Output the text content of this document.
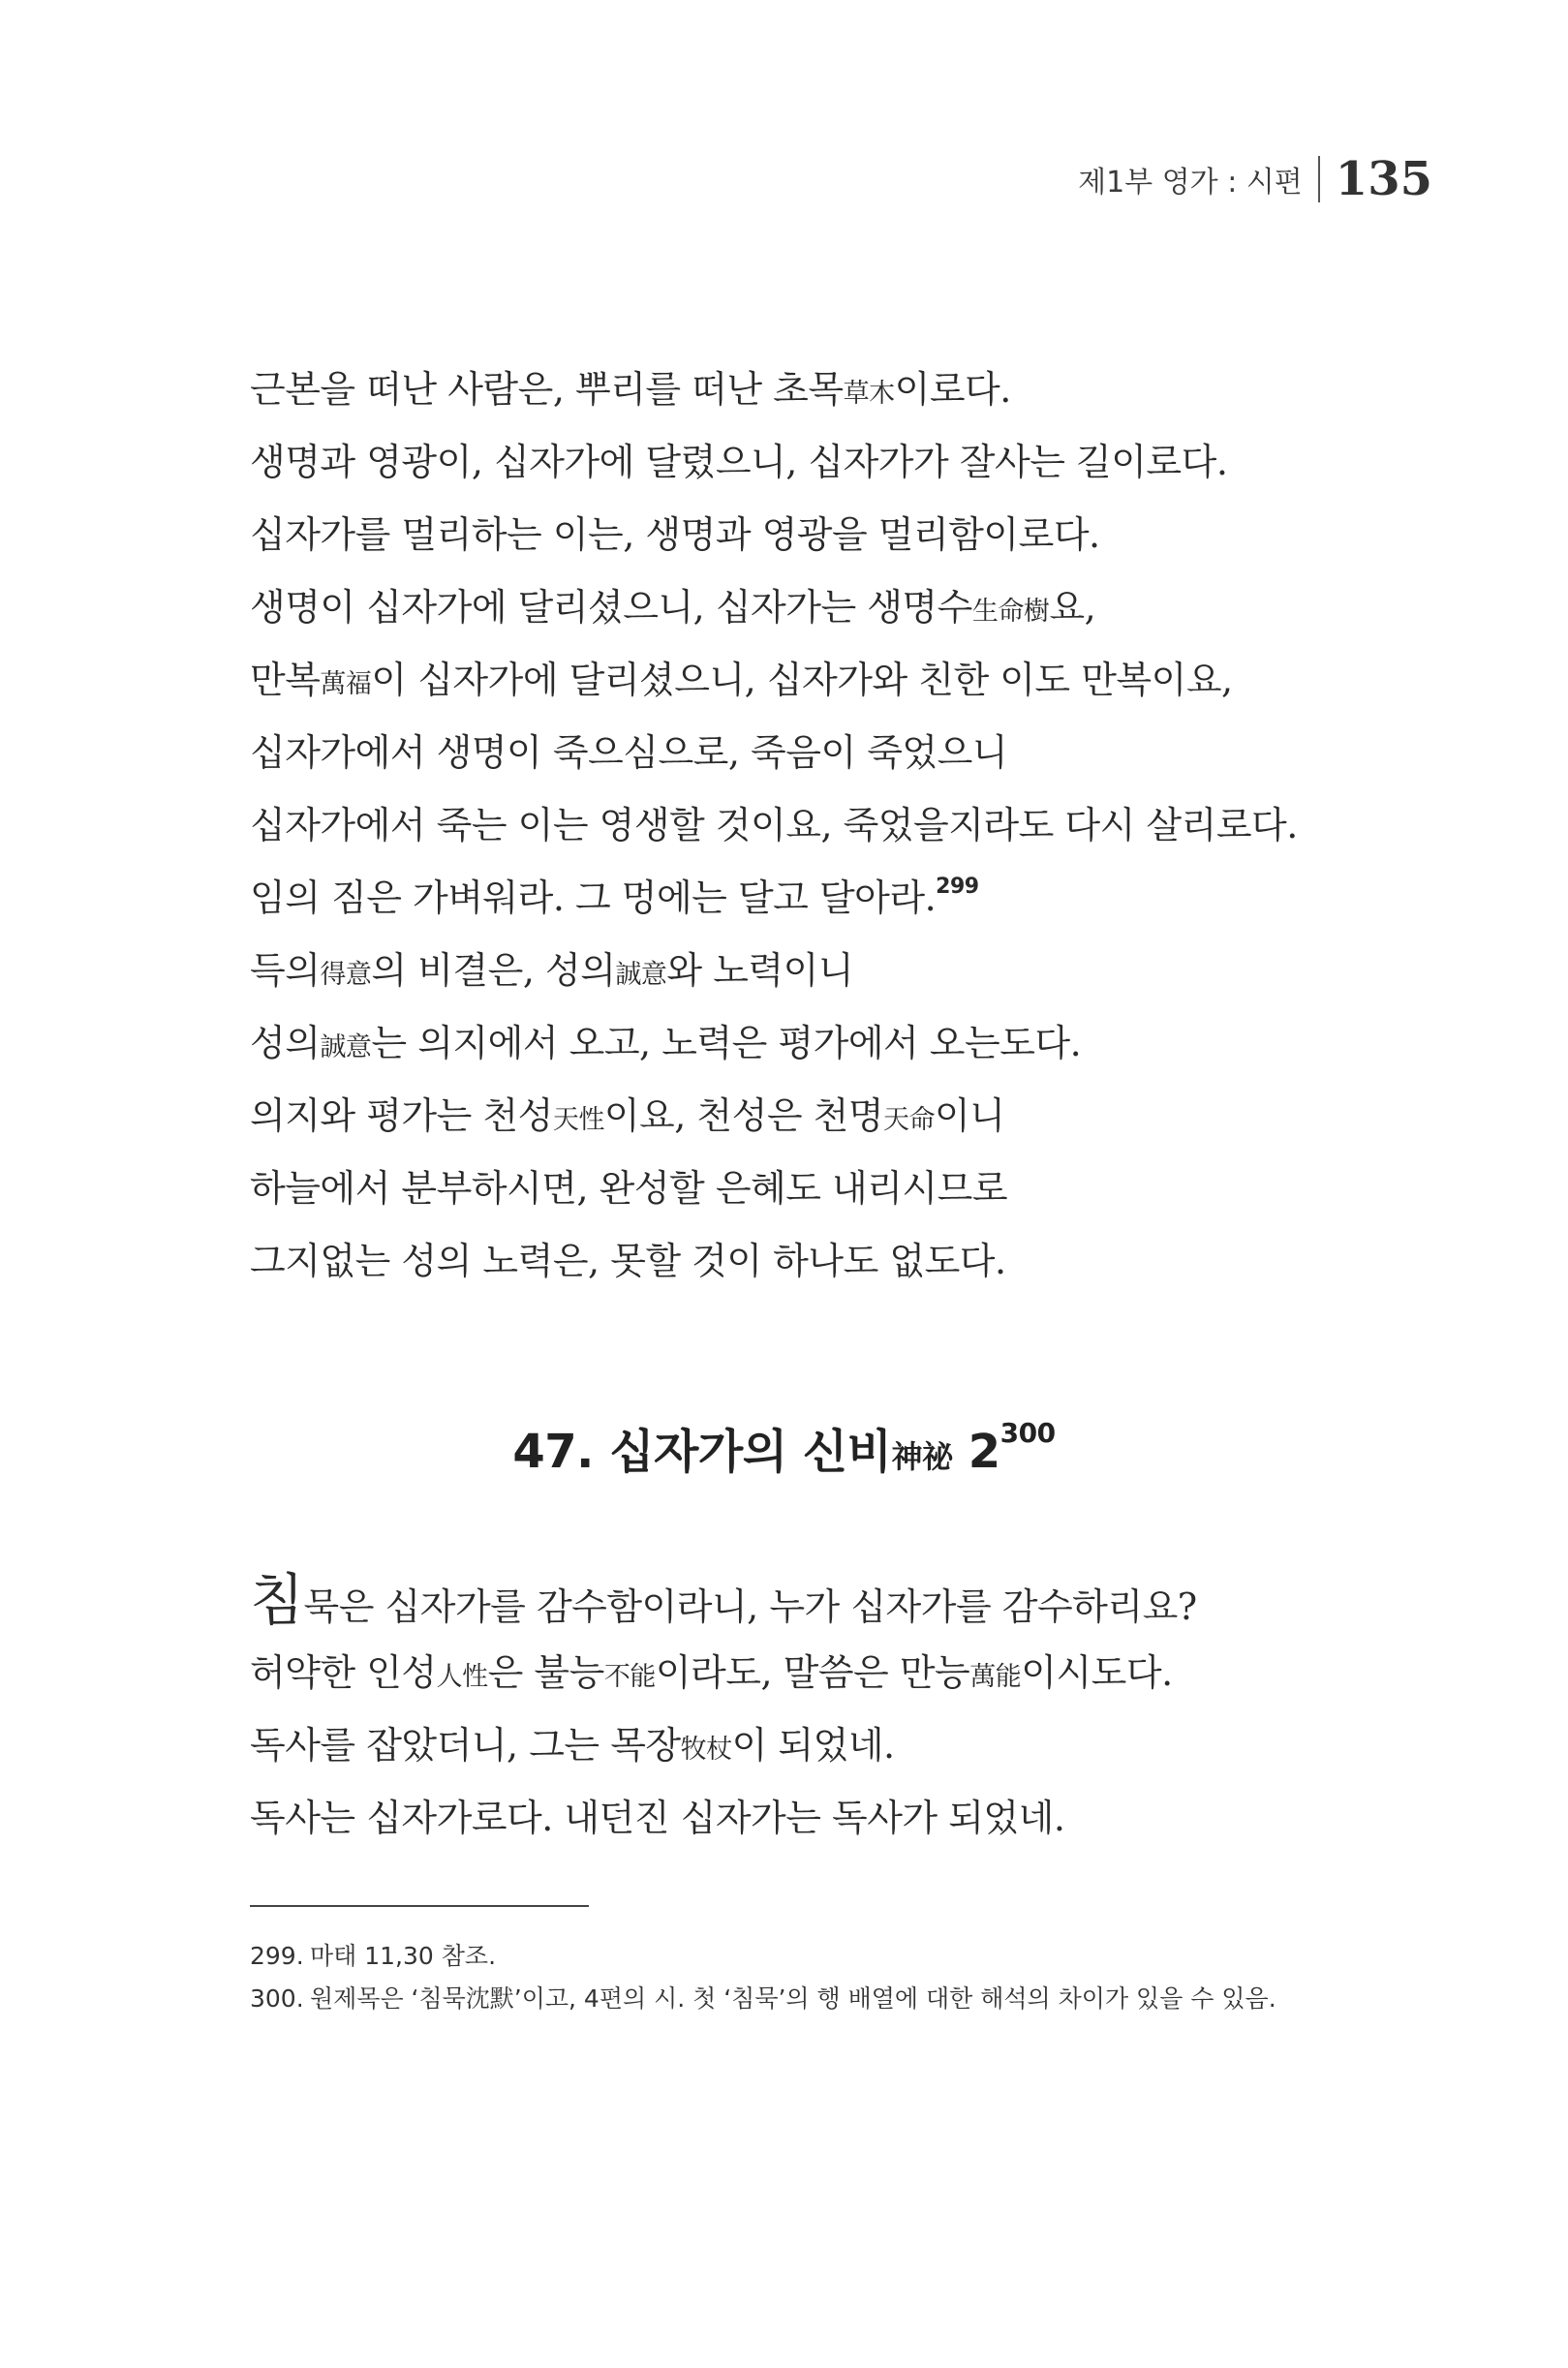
제1부 영가 : 시편 135
근본을 떠난 사람은, 뿌리를 떠난 초목草木이로다.
생명과 영광이, 십자가에 달렸으니, 십자가가 잘사는 길이로다.
십자가를 멀리하는 이는, 생명과 영광을 멀리함이로다.
생명이 십자가에 달리셨으니, 십자가는 생명수生命樹요,
만복萬福이 십자가에 달리셨으니, 십자가와 친한 이도 만복이요,
십자가에서 생명이 죽으심으로, 죽음이 죽었으니
십자가에서 죽는 이는 영생할 것이요, 죽었을지라도 다시 살리로다.
임의 짐은 가벼워라. 그 멍에는 달고 달아라.$^{299}$
득의得意의 비결은, 성의誠意와 노력이니
성의誠意는 의지에서 오고, 노력은 평가에서 오는도다.
의지와 평가는 천성天性이요, 천성은 천명天命이니
하늘에서 분부하시면, 완성할 은혜도 내리시므로
그지없는 성의 노력은, 못할 것이 하나도 없도다.
47. 십자가의 신비神祕 $2^{300}$
침묵은 십자가를 감수함이라니, 누가 십자가를 감수하리요?
허약한 인성人性은 불능不能이라도, 말씀은 만능萬能이시도다.
독사를 잡았더니, 그는 목장牧杖이 되었네.
독사는 십자가로다. 내던진 십자가는 독사가 되었네.
299. 마태 11,30 참조.
300. 원제목은 ‘침묵沈默’이고, 4편의 시. 첫 ‘침묵’의 행 배열에 대한 해석의 차이가 있을 수 있음.
